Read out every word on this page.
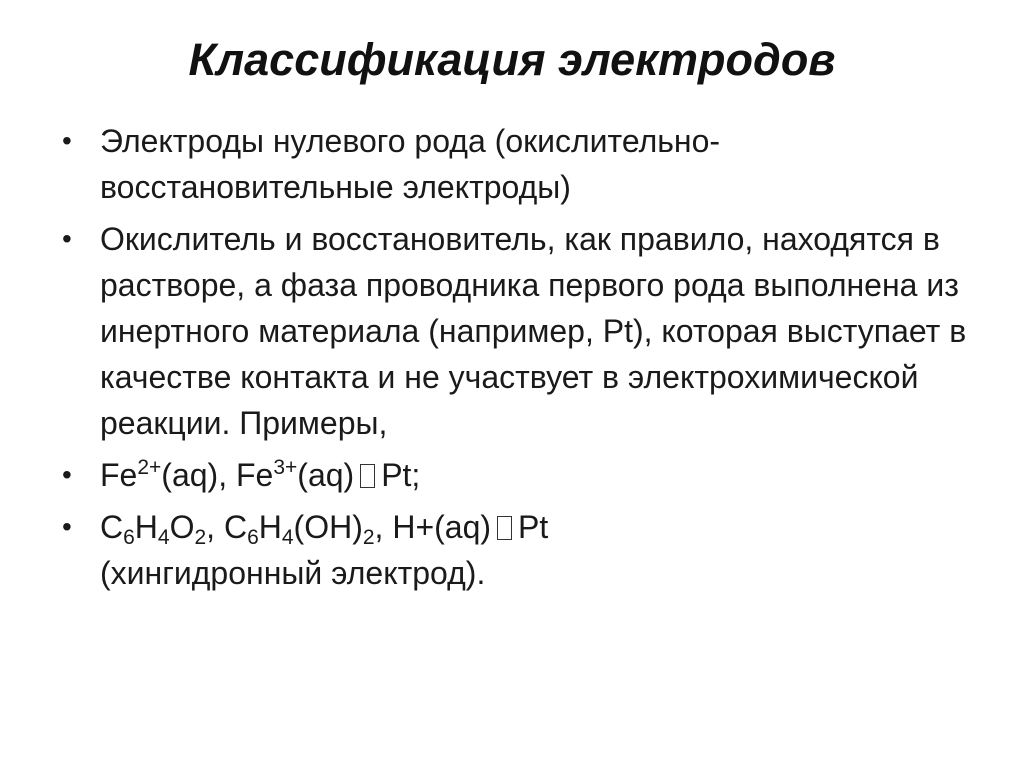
Классификация электродов
• Электроды нулевого рода (окислительно-восстановительные электроды)
• Окислитель и восстановитель, как правило, находятся в растворе, а фаза проводника первого рода выполнена из инертного материала (например, Pt), которая выступает в качестве контакта и не участвует в электрохимической реакции. Примеры,
• $Fe^{2+}(aq)$, $Fe^{3+}(aq)$ Pt;
• $C_6H_4O_2$, $C_6H_4(OH)_2$, H+(aq) Pt
(хингидронный электрод).
